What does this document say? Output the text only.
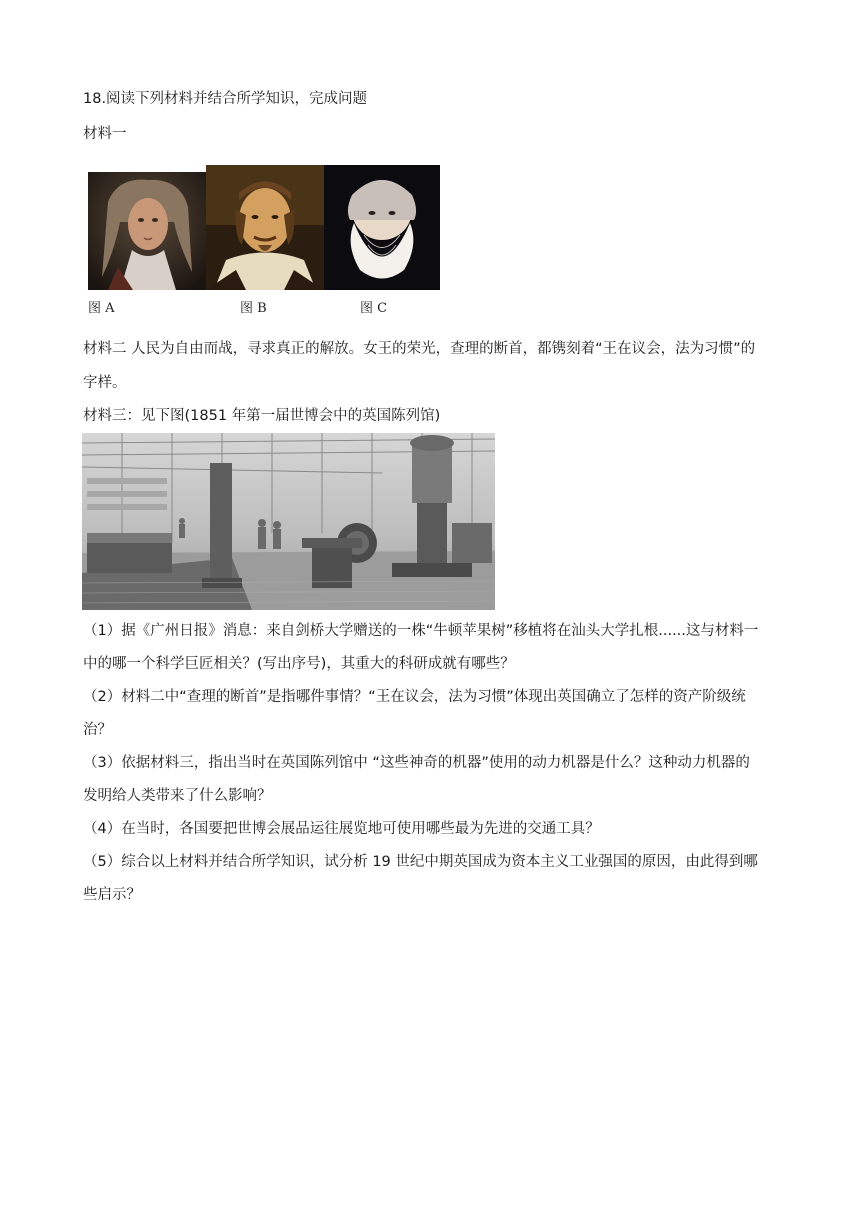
18.阅读下列材料并结合所学知识，完成问题
材料一
图 A	图 B	图 C
材料二 人民为自由而战，寻求真正的解放。女王的荣光，查理的断首，都镌刻着“王在议会，法为习惯”的
字样。
材料三：见下图(1851 年第一届世博会中的英国陈列馆)
（1）据《广州日报》消息：来自剑桥大学赠送的一株“牛顿苹果树”移植将在汕头大学扎根......这与材料一
中的哪一个科学巨匠相关？(写出序号)，其重大的科研成就有哪些？
（2）材料二中“查理的断首”是指哪件事情？“王在议会，法为习惯”体现出英国确立了怎样的资产阶级统
治？
（3）依据材料三，指出当时在英国陈列馆中 “这些神奇的机器”使用的动力机器是什么？这种动力机器的
发明给人类带来了什么影响？
（4）在当时，各国要把世博会展品运往展览地可使用哪些最为先进的交通工具？
（5）综合以上材料并结合所学知识，试分析 19 世纪中期英国成为资本主义工业强国的原因，由此得到哪
些启示？
